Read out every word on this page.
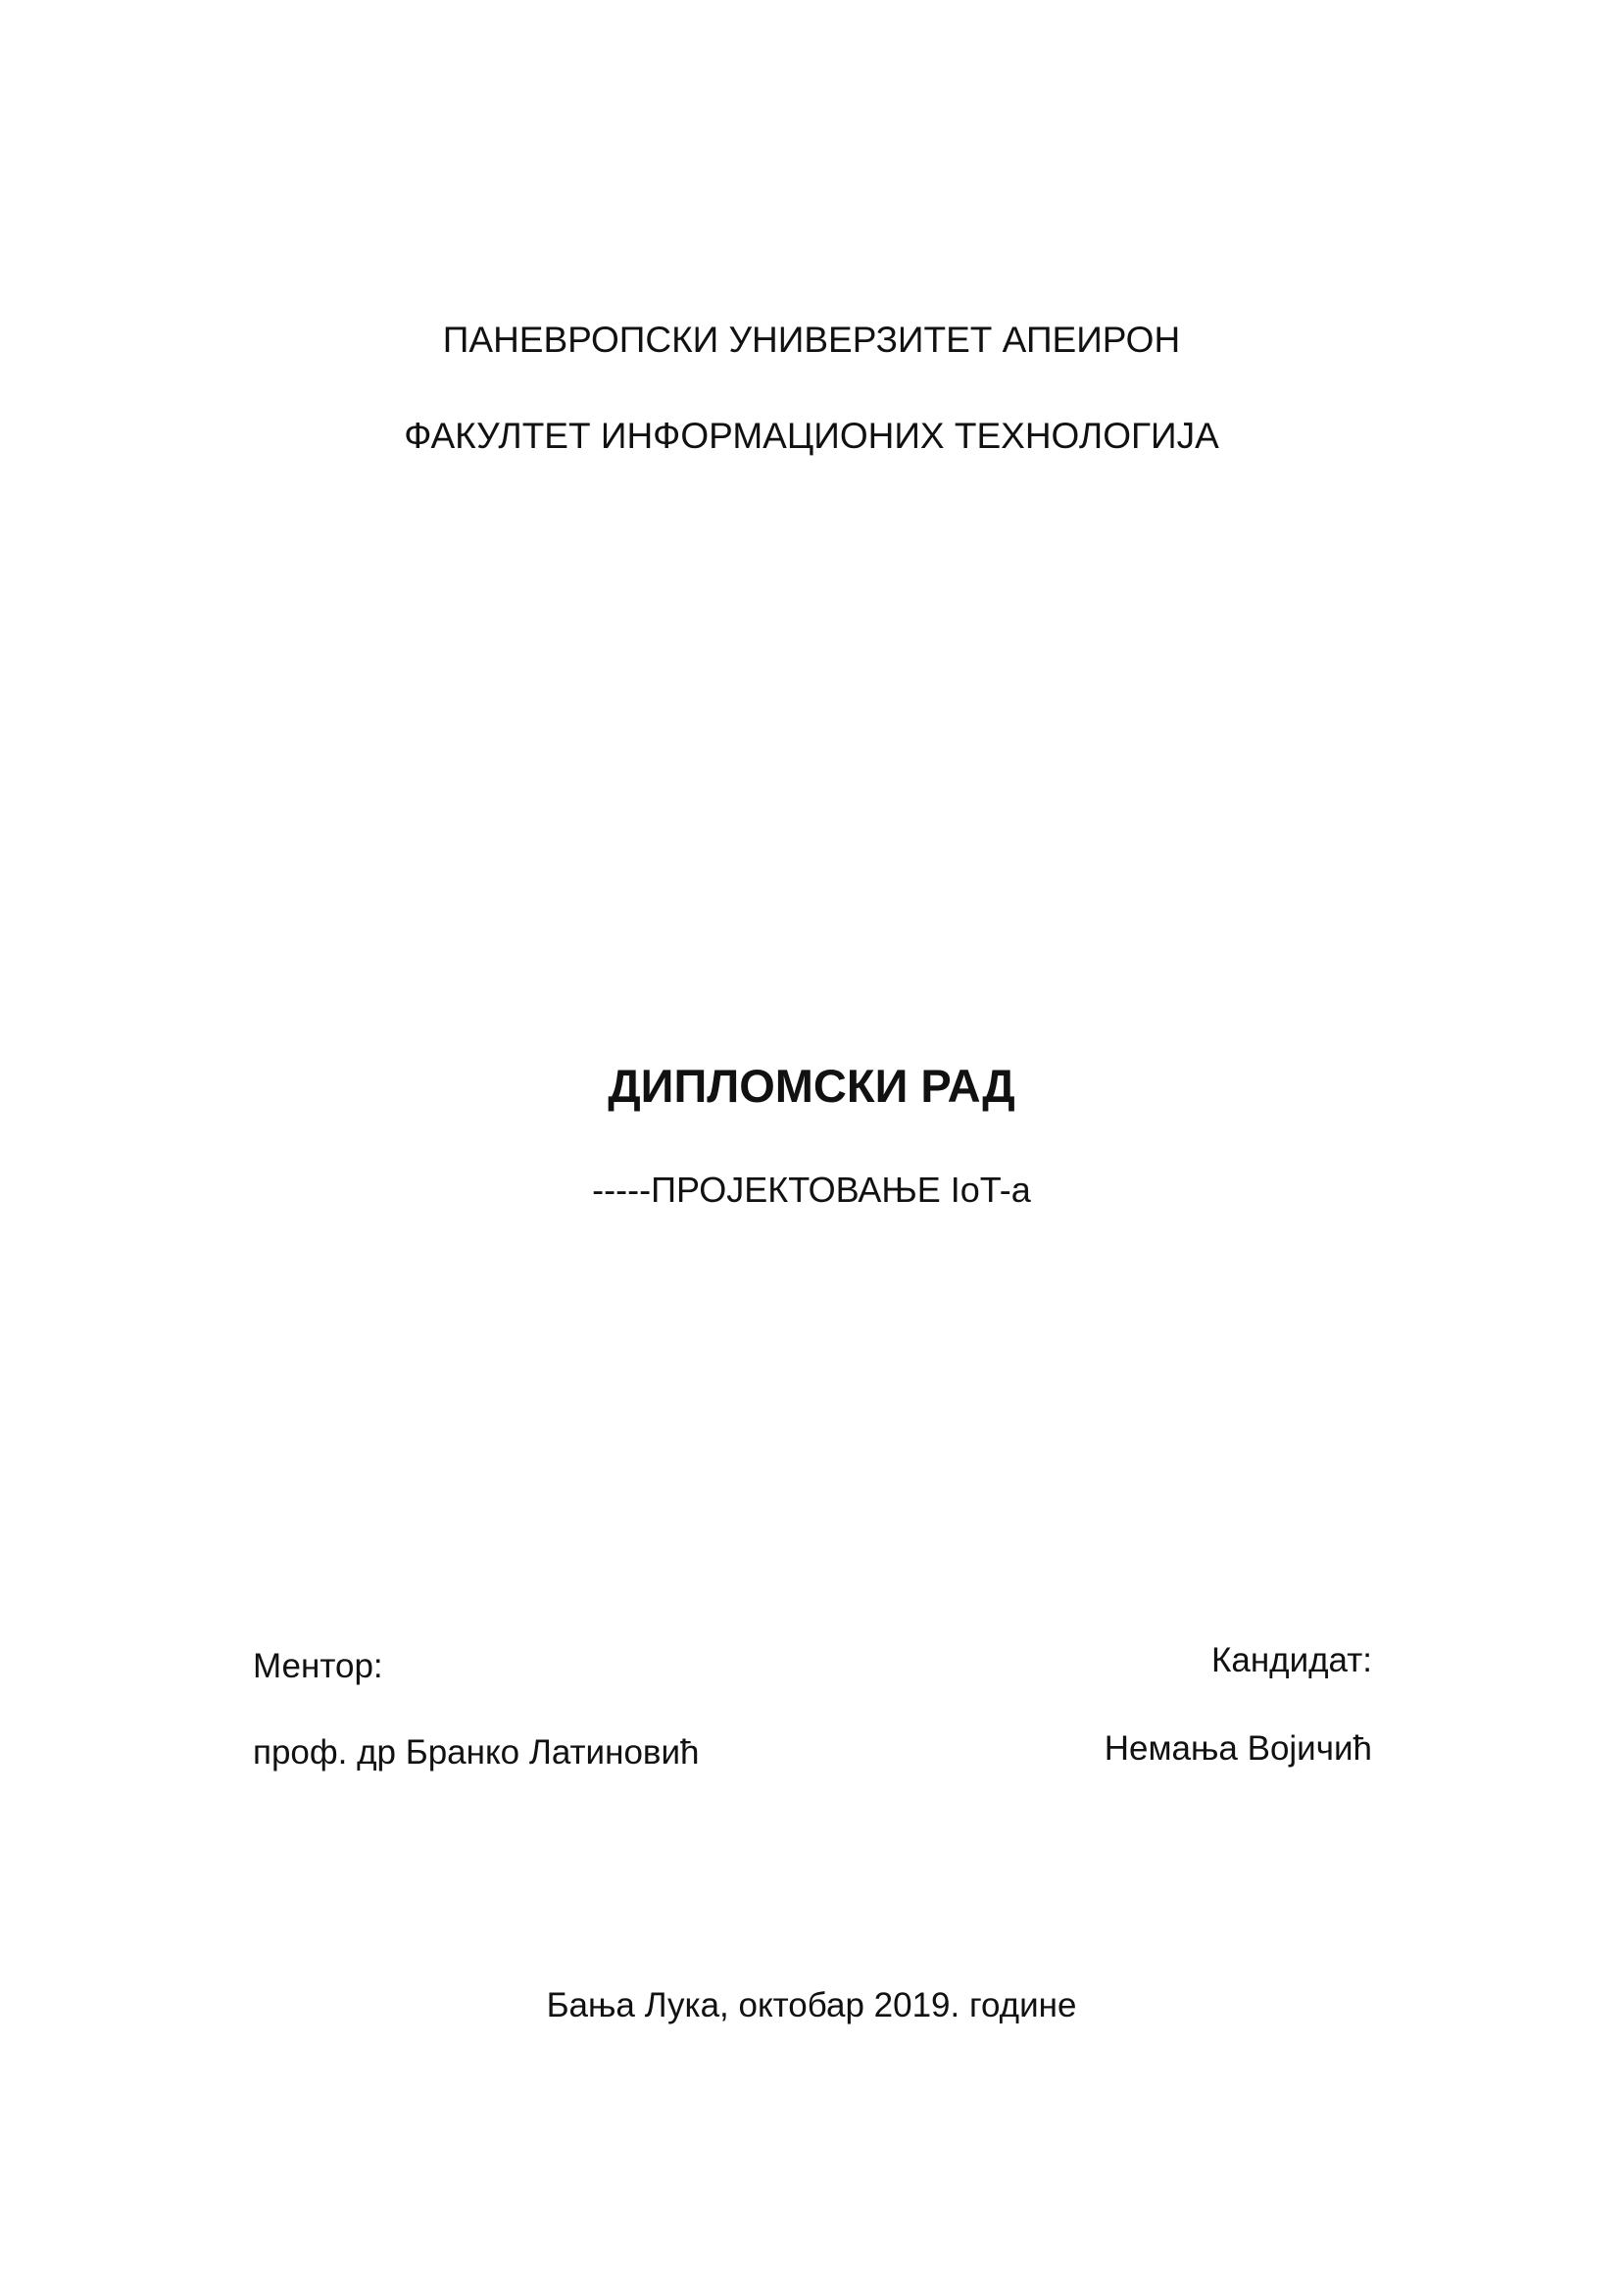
ПАНЕВРОПСКИ УНИВЕРЗИТЕТ АПЕИРОН
ФАКУЛТЕТ ИНФОРМАЦИОНИХ ТЕХНОЛОГИЈА
ДИПЛОМСКИ РАД
-----ПРОЈЕКТОВАЊЕ IoT-a
Ментор:
проф. др Бранко Латиновић
Кандидат:
Немања Војичић
Бања Лука, октобар 2019. године
